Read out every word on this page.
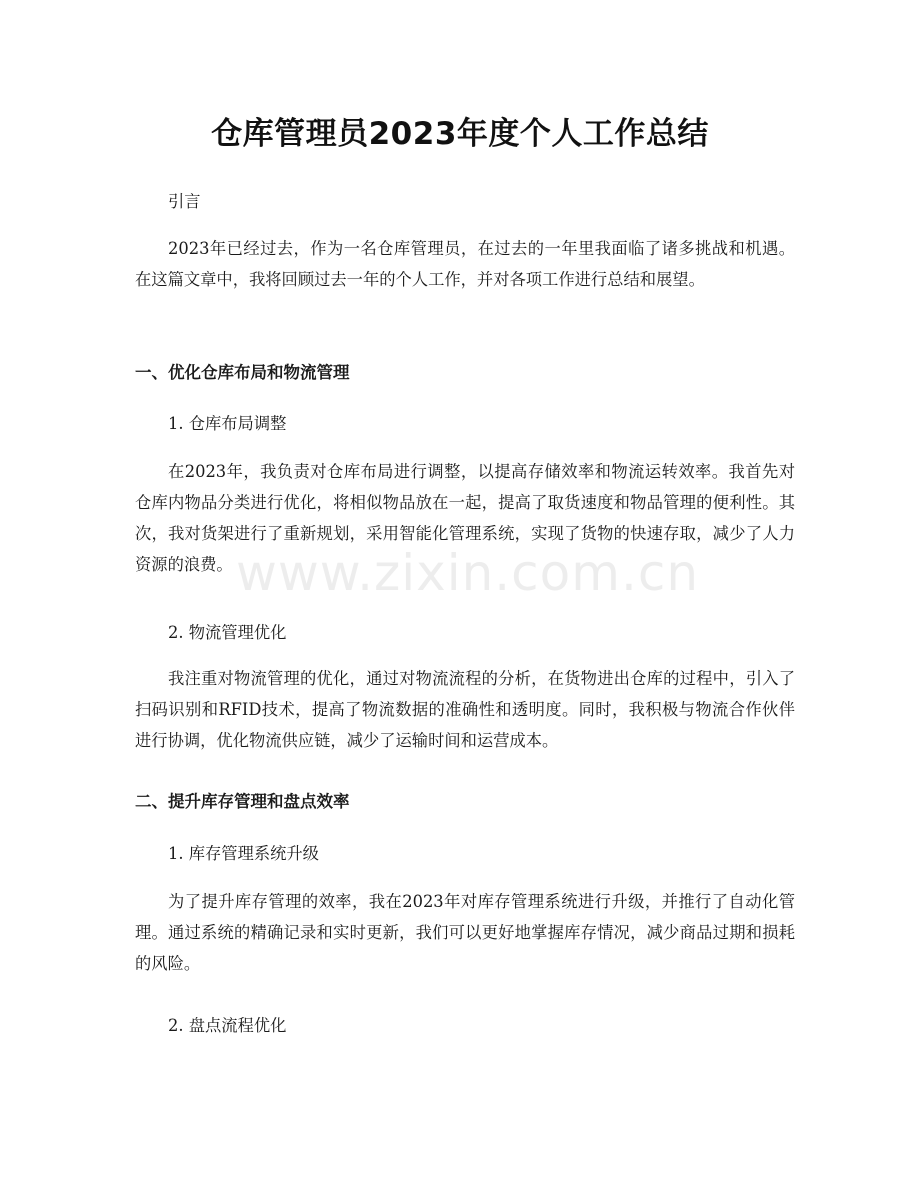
仓库管理员2023年度个人工作总结

引言

2023年已经过去，作为一名仓库管理员，在过去的一年里我面临了诸多挑战和机遇。在这篇文章中，我将回顾过去一年的个人工作，并对各项工作进行总结和展望。

一、优化仓库布局和物流管理

1. 仓库布局调整

在2023年，我负责对仓库布局进行调整，以提高存储效率和物流运转效率。我首先对仓库内物品分类进行优化，将相似物品放在一起，提高了取货速度和物品管理的便利性。其次，我对货架进行了重新规划，采用智能化管理系统，实现了货物的快速存取，减少了人力资源的浪费。

2. 物流管理优化

我注重对物流管理的优化，通过对物流流程的分析，在货物进出仓库的过程中，引入了扫码识别和RFID技术，提高了物流数据的准确性和透明度。同时，我积极与物流合作伙伴进行协调，优化物流供应链，减少了运输时间和运营成本。

二、提升库存管理和盘点效率

1. 库存管理系统升级

为了提升库存管理的效率，我在2023年对库存管理系统进行升级，并推行了自动化管理。通过系统的精确记录和实时更新，我们可以更好地掌握库存情况，减少商品过期和损耗的风险。

2. 盘点流程优化

www.zixin.com.cn
